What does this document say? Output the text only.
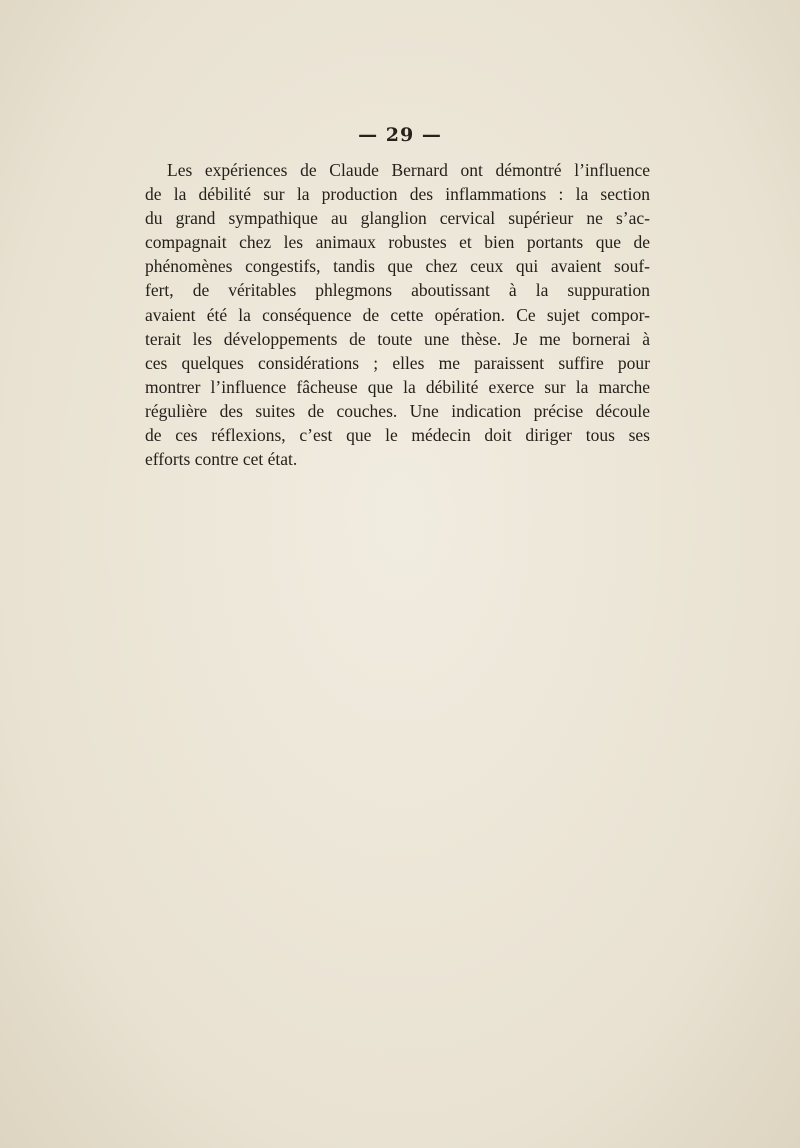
— 29 —
Les expériences de Claude Bernard ont démontré l’influence
de la débilité sur la production des inflammations : la section
du grand sympathique au glanglion cervical supérieur ne s’ac-
compagnait chez les animaux robustes et bien portants que de
phénomènes congestifs, tandis que chez ceux qui avaient souf-
fert, de véritables phlegmons aboutissant à la suppuration
avaient été la conséquence de cette opération. Ce sujet compor-
terait les développements de toute une thèse. Je me bornerai à
ces quelques considérations ; elles me paraissent suffire pour
montrer l’influence fâcheuse que la débilité exerce sur la marche
régulière des suites de couches. Une indication précise découle
de ces réflexions, c’est que le médecin doit diriger tous ses
efforts contre cet état.
